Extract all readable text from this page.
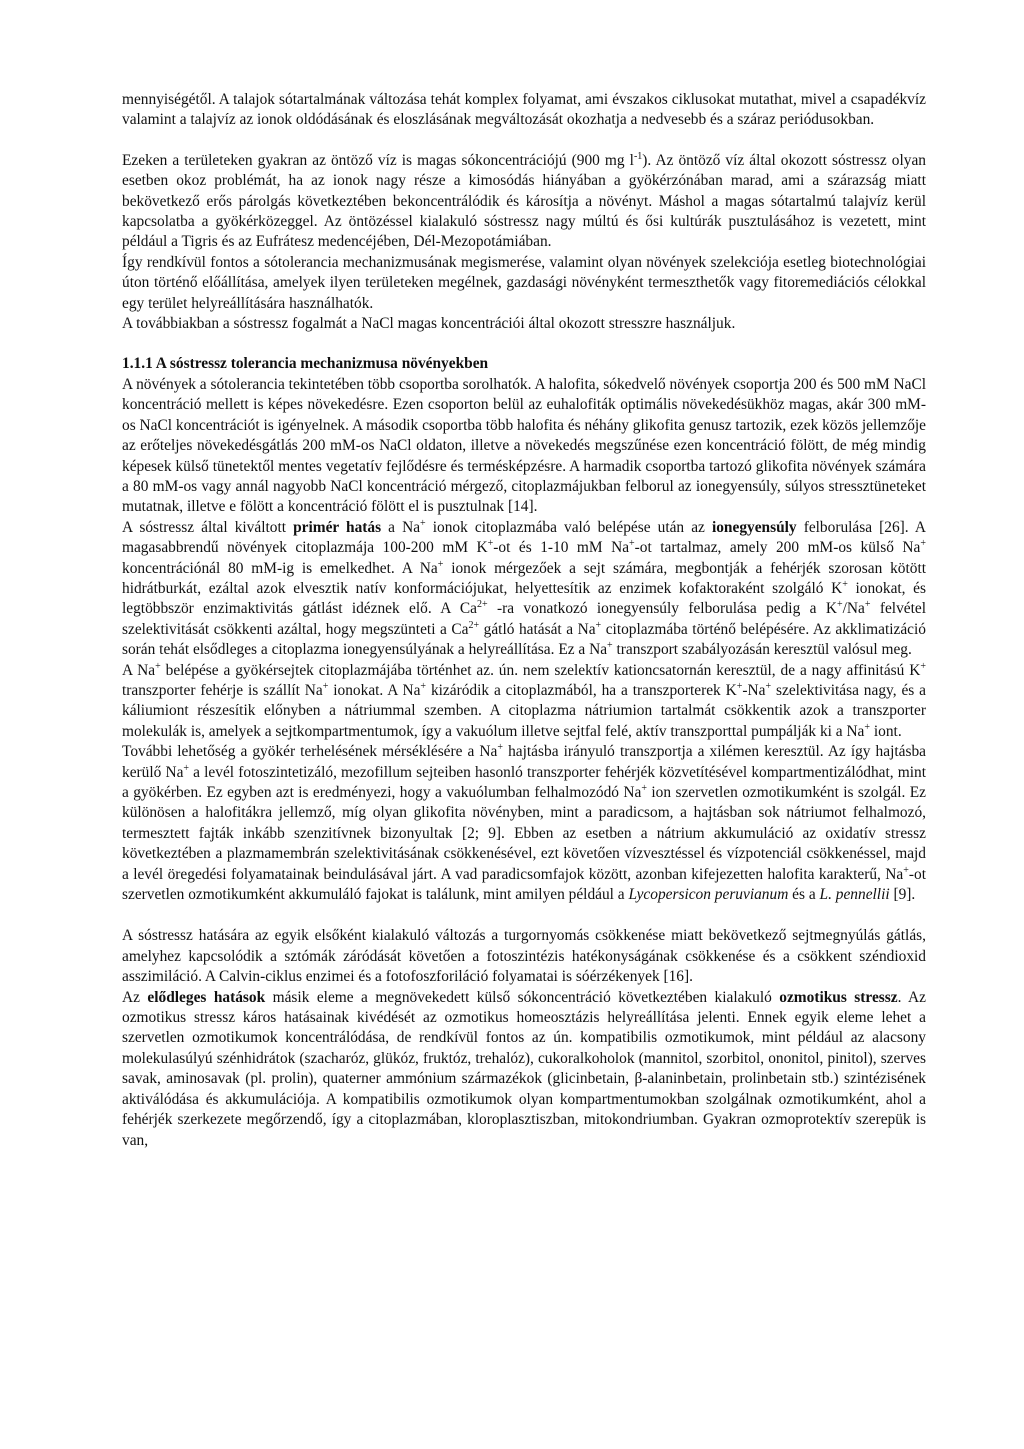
mennyiségétől. A talajok sótartalmának változása tehát komplex folyamat, ami évszakos ciklusokat mutathat, mivel a csapadékvíz valamint a talajvíz az ionok oldódásának és eloszlásának megváltozását okozhatja a nedvesebb és a száraz periódusokban.

Ezeken a területeken gyakran az öntöző víz is magas sókoncentrációjú (900 mg $l^{-1}$). Az öntöző víz által okozott sóstressz olyan esetben okoz problémát, ha az ionok nagy része a kimosódás hiányában a gyökérzónában marad, ami a szárazság miatt bekövetkező erős párolgás következtében bekoncentrálódik és károsítja a növényt. Máshol a magas sótartalmú talajvíz kerül kapcsolatba a gyökérközeggel. Az öntözéssel kialakuló sóstressz nagy múltú és ősi kultúrák pusztulásához is vezetett, mint például a Tigris és az Eufrátesz medencéjében, Dél-Mezopotámiában.

Így rendkívül fontos a sótolerancia mechanizmusának megismerése, valamint olyan növények szelekciója esetleg biotechnológiai úton történő előállítása, amelyek ilyen területeken megélnek, gazdasági növényként termeszthetők vagy fitoremediációs célokkal egy terület helyreállítására használhatók.

A továbbiakban a sóstressz fogalmát a NaCl magas koncentrációi által okozott stresszre használjuk.

1.1.1 A sóstressz tolerancia mechanizmusa növényekben

A növények a sótolerancia tekintetében több csoportba sorolhatók. A halofita, sókedvelő növények csoportja 200 és 500 mM NaCl koncentráció mellett is képes növekedésre. Ezen csoporton belül az euhalofiták optimális növekedésükhöz magas, akár 300 mM-os NaCl koncentrációt is igényelnek. A második csoportba több halofita és néhány glikofita genusz tartozik, ezek közös jellemzője az erőteljes növekedésgátlás 200 mM-os NaCl oldaton, illetve a növekedés megszűnése ezen koncentráció fölött, de még mindig képesek külső tünetektől mentes vegetatív fejlődésre és termésképzésre. A harmadik csoportba tartozó glikofita növények számára a 80 mM-os vagy annál nagyobb NaCl koncentráció mérgező, citoplazmájukban felborul az ionegyensúly, súlyos stressztüneteket mutatnak, illetve e fölött a koncentráció fölött el is pusztulnak [14].

A sóstressz által kiváltott primér hatás a Na+ ionok citoplazmába való belépése után az ionegyensúly felborulása [26]. A magasabbrendű növények citoplazmája 100-200 mM K+-ot és 1-10 mM Na+-ot tartalmaz, amely 200 mM-os külső Na+ koncentrációnál 80 mM-ig is emelkedhet. A Na+ ionok mérgezőek a sejt számára, megbontják a fehérjék szorosan kötött hidrátburkát, ezáltal azok elvesztik natív konformációjukat, helyettesítik az enzimek kofaktoraként szolgáló K+ ionokat, és legtöbbször enzimaktivitás gátlást idéznek elő. A $Ca^{2+}$ -ra vonatkozó ionegyensúly felborulása pedig a K+/Na+ felvétel szelektivitását csökkenti azáltal, hogy megszünteti a $Ca^{2+}$ gátló hatását a Na+ citoplazmába történő belépésére. Az akklimatizáció során tehát elsődleges a citoplazma ionegyensúlyának a helyreállítása. Ez a Na+ transzport szabályozásán keresztül valósul meg.

A Na+ belépése a gyökérsejtek citoplazmájába történhet az. ún. nem szelektív kationcsatornán keresztül, de a nagy affinitású K+ transzporter fehérje is szállít Na+ ionokat. A Na+ kizáródik a citoplazmából, ha a transzporterek K+-Na+ szelektivitása nagy, és a káliumiont részesítik előnyben a nátriummal szemben. A citoplazma nátriumion tartalmát csökkentik azok a transzporter molekulák is, amelyek a sejtkompartmentumok, így a vakuólum illetve sejtfal felé, aktív transzporttal pumpálják ki a Na+ iont.

További lehetőség a gyökér terhelésének mérséklésére a Na+ hajtásba irányuló transzportja a xilémen keresztül. Az így hajtásba kerülő Na+ a levél fotoszintetizáló, mezofillum sejteiben hasonló transzporter fehérjék közvetítésével kompartmentizálódhat, mint a gyökérben. Ez egyben azt is eredményezi, hogy a vakuólumban felhalmozódó Na+ ion szervetlen ozmotikumként is szolgál. Ez különösen a halofitákra jellemző, míg olyan glikofita növényben, mint a paradicsom, a hajtásban sok nátriumot felhalmozó, termesztett fajták inkább szenzitívnek bizonyultak [2; 9]. Ebben az esetben a nátrium akkumuláció az oxidatív stressz következtében a plazmamembrán szelektivitásának csökkenésével, ezt követően vízvesztéssel és vízpotenciál csökkenéssel, majd a levél öregedési folyamatainak beindulásával járt. A vad paradicsomfajok között, azonban kifejezetten halofita karakterű, Na+-ot szervetlen ozmotikumként akkumuláló fajokat is találunk, mint amilyen például a Lycopersicon peruvianum és a L. pennellii [9].

A sóstressz hatására az egyik elsőként kialakuló változás a turgornyomás csökkenése miatt bekövetkező sejtmegnyúlás gátlás, amelyhez kapcsolódik a sztómák záródását követően a fotoszintézis hatékonyságának csökkenése és a csökkent széndioxid asszimiláció. A Calvin-ciklus enzimei és a fotofoszforiláció folyamatai is sóérzékenyek [16].

Az elődleges hatások másik eleme a megnövekedett külső sókoncentráció következtében kialakuló ozmotikus stressz. Az ozmotikus stressz káros hatásainak kivédését az ozmotikus homeosztázis helyreállítása jelenti. Ennek egyik eleme lehet a szervetlen ozmotikumok koncentrálódása, de rendkívül fontos az ún. kompatibilis ozmotikumok, mint például az alacsony molekulasúlyú szénhidrátok (szacharóz, glükóz, fruktóz, trehalóz), cukoralkoholok (mannitol, szorbitol, ononitol, pinitol), szerves savak, aminosavak (pl. prolin), quaterner ammónium származékok (glicinbetain, β-alaninbetain, prolinbetain stb.) szintézisének aktiválódása és akkumulációja. A kompatibilis ozmotikumok olyan kompartmentumokban szolgálnak ozmotikumként, ahol a fehérjék szerkezete megőrzendő, így a citoplazmában, kloroplasztiszban, mitokondriumban. Gyakran ozmoprotektív szerepük is van,
